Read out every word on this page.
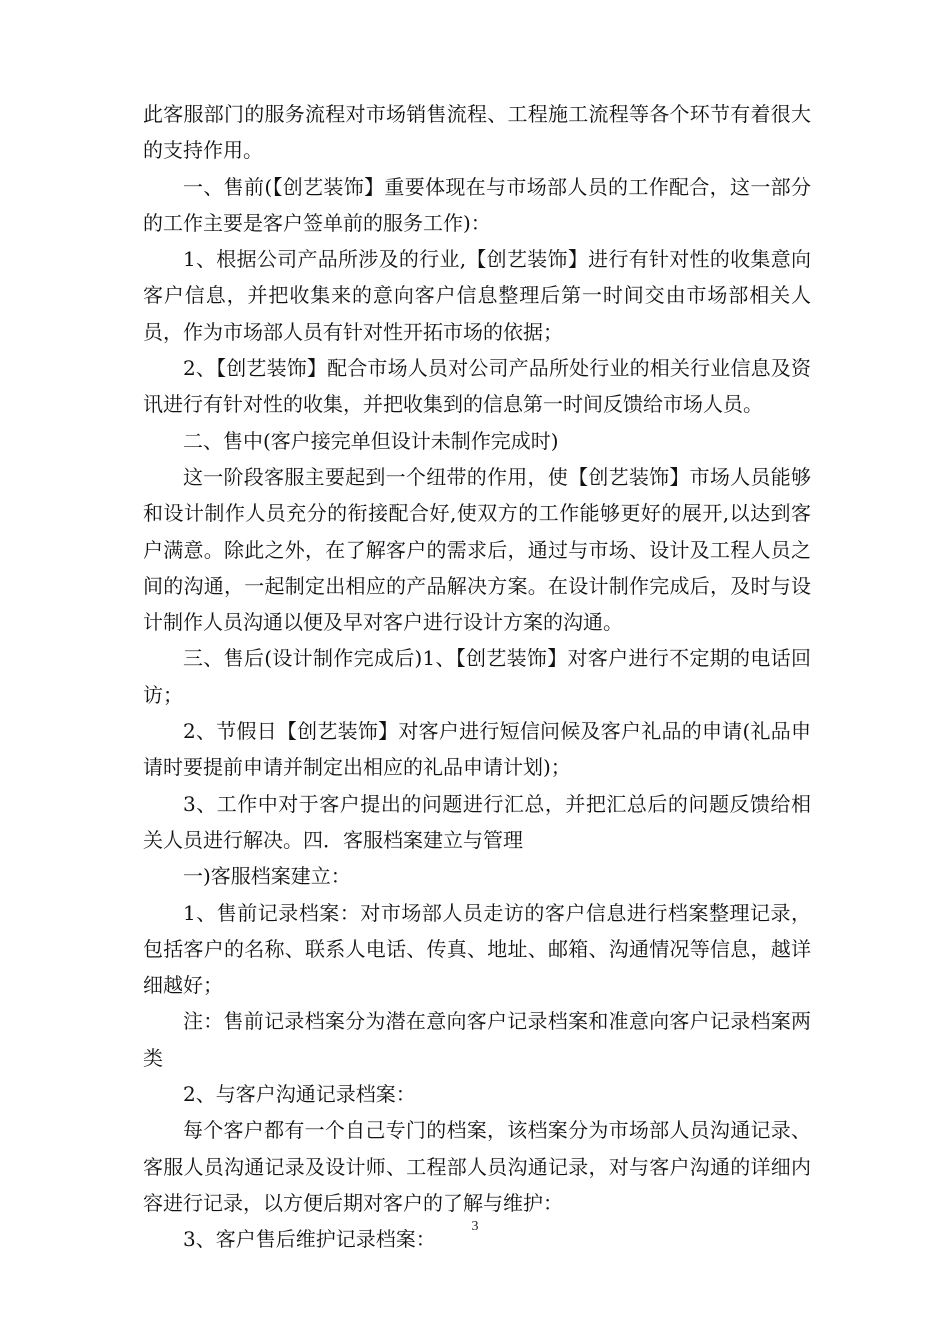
此客服部门的服务流程对市场销售流程、工程施工流程等各个环节有着很大的支持作用。

一、售前(【创艺装饰】重要体现在与市场部人员的工作配合，这一部分的工作主要是客户签单前的服务工作)：

1、根据公司产品所涉及的行业,【创艺装饰】进行有针对性的收集意向客户信息，并把收集来的意向客户信息整理后第一时间交由市场部相关人员，作为市场部人员有针对性开拓市场的依据；

2、【创艺装饰】配合市场人员对公司产品所处行业的相关行业信息及资讯进行有针对性的收集，并把收集到的信息第一时间反馈给市场人员。

二、售中(客户接完单但设计未制作完成时)

这一阶段客服主要起到一个纽带的作用，使【创艺装饰】市场人员能够和设计制作人员充分的衔接配合好,使双方的工作能够更好的展开,以达到客户满意。除此之外，在了解客户的需求后，通过与市场、设计及工程人员之间的沟通，一起制定出相应的产品解决方案。在设计制作完成后，及时与设计制作人员沟通以便及早对客户进行设计方案的沟通。

三、售后(设计制作完成后)1、【创艺装饰】对客户进行不定期的电话回访；

2、节假日【创艺装饰】对客户进行短信问候及客户礼品的申请(礼品申请时要提前申请并制定出相应的礼品申请计划)；

3、工作中对于客户提出的问题进行汇总，并把汇总后的问题反馈给相关人员进行解决。四．客服档案建立与管理

一)客服档案建立：

1、售前记录档案：对市场部人员走访的客户信息进行档案整理记录，包括客户的名称、联系人电话、传真、地址、邮箱、沟通情况等信息，越详细越好；

注：售前记录档案分为潜在意向客户记录档案和准意向客户记录档案两类

2、与客户沟通记录档案：

每个客户都有一个自己专门的档案，该档案分为市场部人员沟通记录、客服人员沟通记录及设计师、工程部人员沟通记录，对与客户沟通的详细内容进行记录，以方便后期对客户的了解与维护：

3、客户售后维护记录档案：

3
